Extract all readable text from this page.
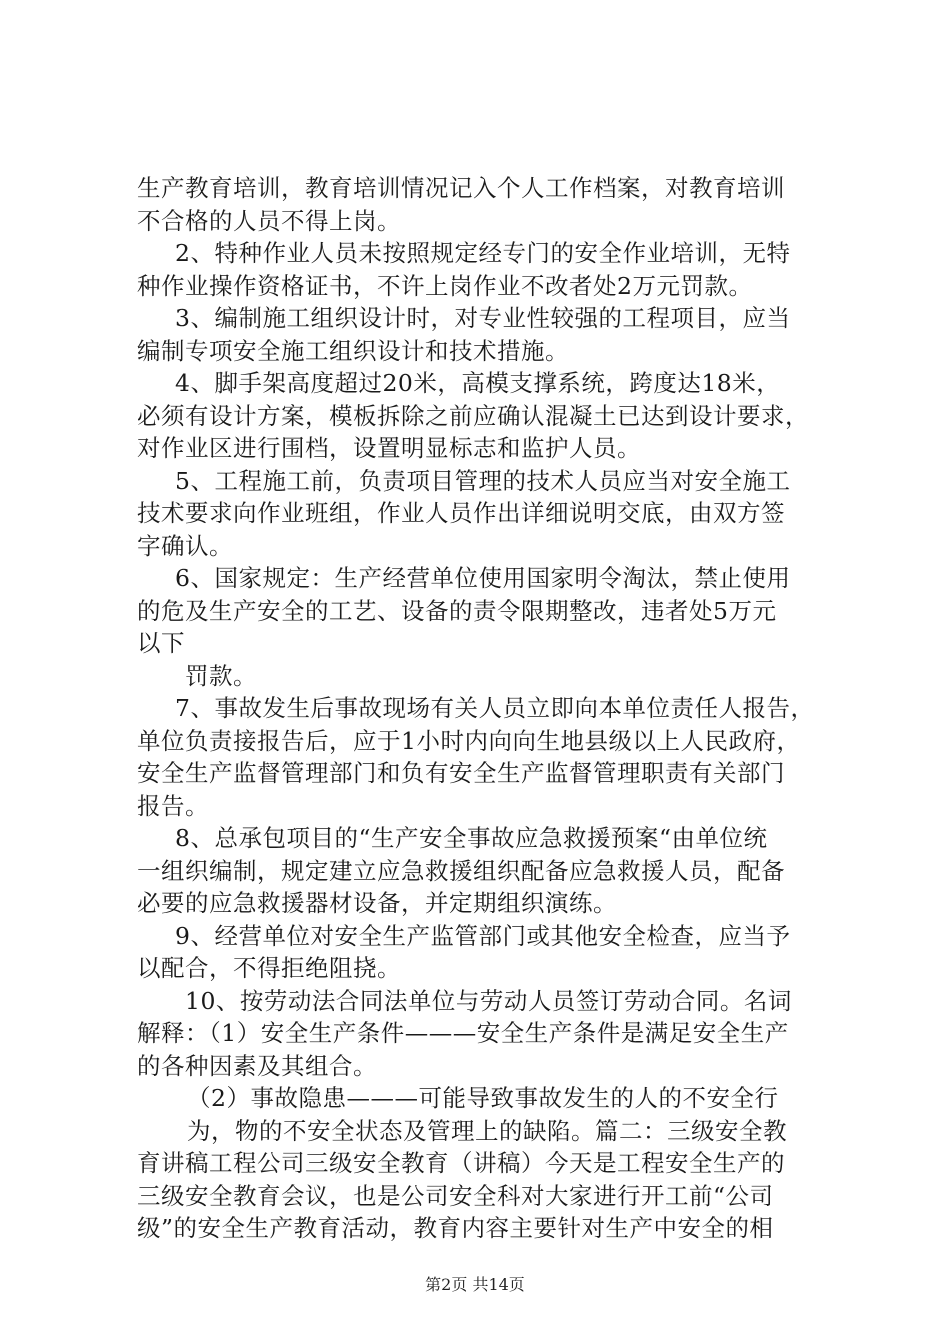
生产教育培训，教育培训情况记入个人工作档案，对教育培训
不合格的人员不得上岗。
2、特种作业人员未按照规定经专门的安全作业培训，无特
种作业操作资格证书，不许上岗作业不改者处2万元罚款。
3、编制施工组织设计时，对专业性较强的工程项目，应当
编制专项安全施工组织设计和技术措施。
4、脚手架高度超过20米，高模支撑系统，跨度达18米，
必须有设计方案，模板拆除之前应确认混凝土已达到设计要求，
对作业区进行围档，设置明显标志和监护人员。
5、工程施工前，负责项目管理的技术人员应当对安全施工
技术要求向作业班组，作业人员作出详细说明交底，由双方签
字确认。
6、国家规定：生产经营单位使用国家明令淘汰，禁止使用
的危及生产安全的工艺、设备的责令限期整改，违者处5万元
以下
罚款。
7、事故发生后事故现场有关人员立即向本单位责任人报告，
单位负责接报告后，应于1小时内向向生地县级以上人民政府，
安全生产监督管理部门和负有安全生产监督管理职责有关部门
报告。
8、总承包项目的“生产安全事故应急救援预案“由单位统
一组织编制，规定建立应急救援组织配备应急救援人员，配备
必要的应急救援器材设备，并定期组织演练。
9、经营单位对安全生产监管部门或其他安全检查，应当予
以配合，不得拒绝阻挠。
10、按劳动法合同法单位与劳动人员签订劳动合同。名词
解释：（1）安全生产条件———安全生产条件是满足安全生产
的各种因素及其组合。
（2）事故隐患———可能导致事故发生的人的不安全行
为，物的不安全状态及管理上的缺陷。篇二：三级安全教
育讲稿工程公司三级安全教育（讲稿）今天是工程安全生产的
三级安全教育会议，也是公司安全科对大家进行开工前“公司
级”的安全生产教育活动，教育内容主要针对生产中安全的相
第2页 共14页
